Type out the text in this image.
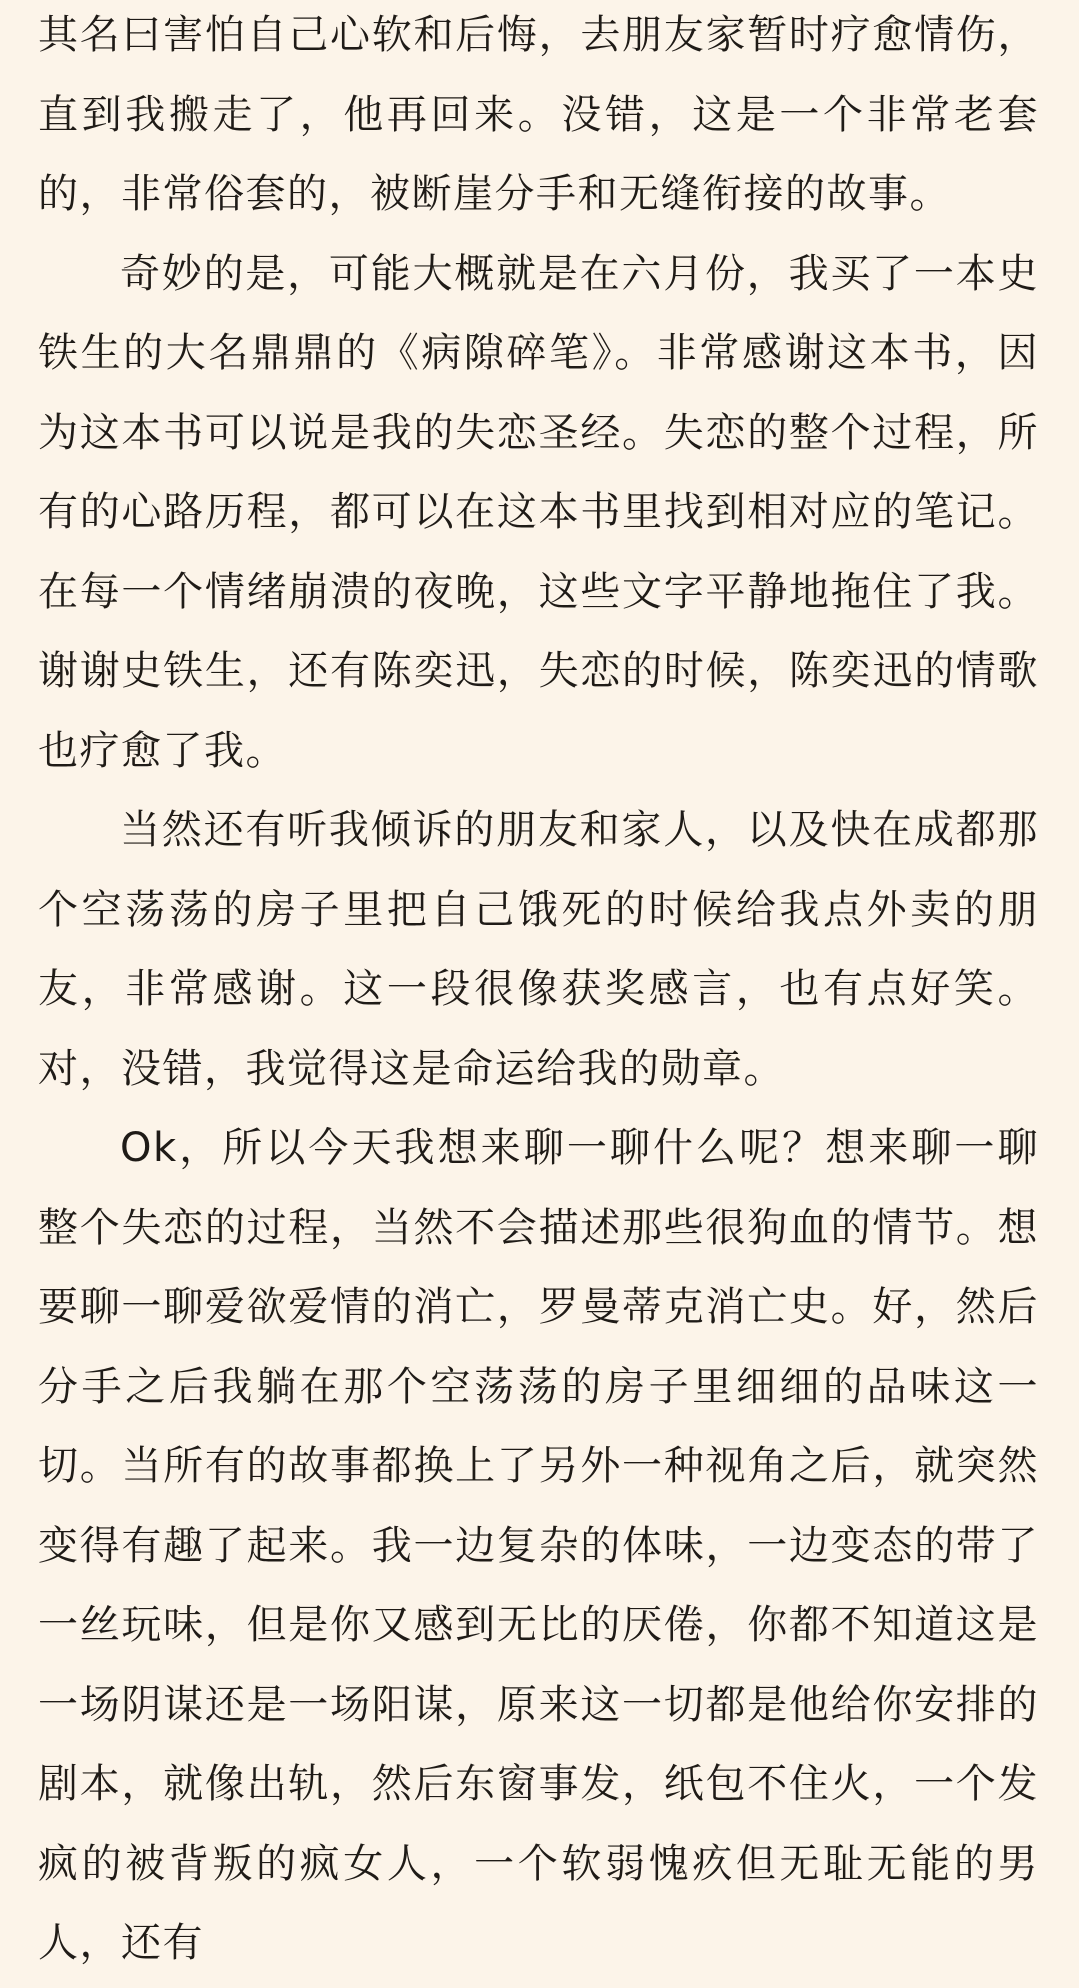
其名曰害怕自己心软和后悔，去朋友家暂时疗愈情伤，直到我搬走了，他再回来。没错，这是一个非常老套的，非常俗套的，被断崖分手和无缝衔接的故事。

奇妙的是，可能大概就是在六月份，我买了一本史铁生的大名鼎鼎的《病隙碎笔》。非常感谢这本书，因为这本书可以说是我的失恋圣经。失恋的整个过程，所有的心路历程，都可以在这本书里找到相对应的笔记。在每一个情绪崩溃的夜晚，这些文字平静地拖住了我。谢谢史铁生，还有陈奕迅，失恋的时候，陈奕迅的情歌也疗愈了我。

当然还有听我倾诉的朋友和家人，以及快在成都那个空荡荡的房子里把自己饿死的时候给我点外卖的朋友，非常感谢。这一段很像获奖感言，也有点好笑。对，没错，我觉得这是命运给我的勋章。

Ok，所以今天我想来聊一聊什么呢？想来聊一聊整个失恋的过程，当然不会描述那些很狗血的情节。想要聊一聊爱欲爱情的消亡，罗曼蒂克消亡史。好，然后分手之后我躺在那个空荡荡的房子里细细的品味这一切。当所有的故事都换上了另外一种视角之后，就突然变得有趣了起来。我一边复杂的体味，一边变态的带了一丝玩味，但是你又感到无比的厌倦，你都不知道这是一场阴谋还是一场阳谋，原来这一切都是他给你安排的剧本，就像出轨，然后东窗事发，纸包不住火，一个发疯的被背叛的疯女人，一个软弱愧疚但无耻无能的男人，还有
